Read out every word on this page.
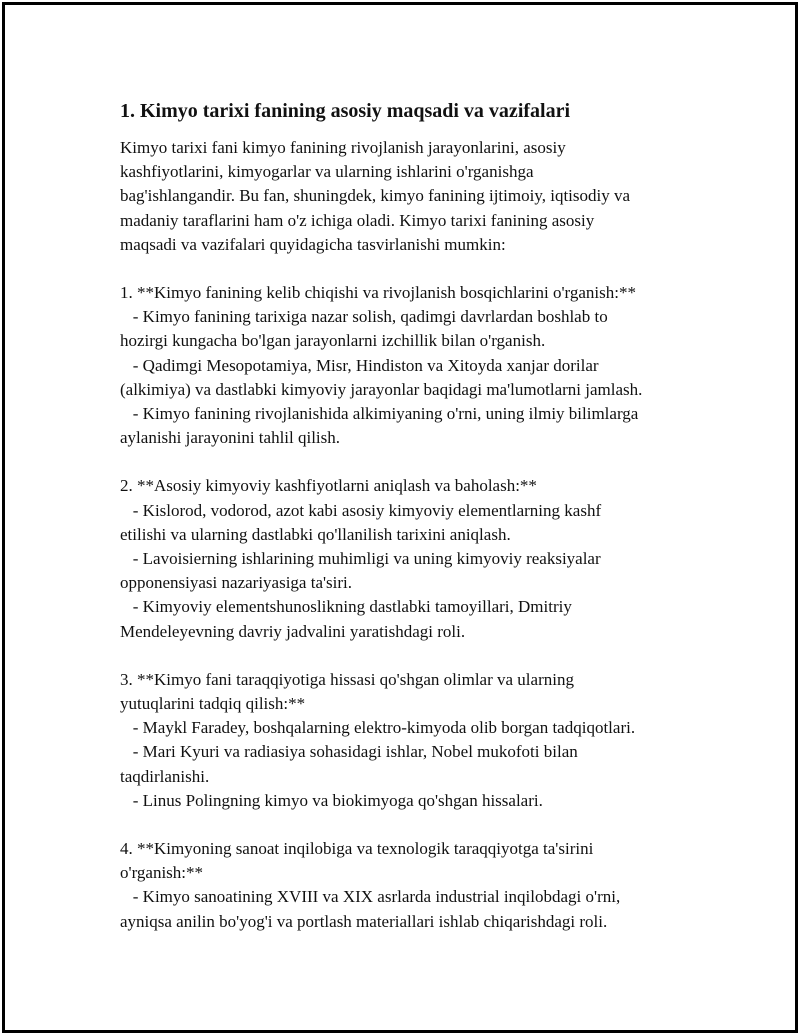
1. Kimyo tarixi fanining asosiy maqsadi va vazifalari

Kimyo tarixi fani kimyo fanining rivojlanish jarayonlarini, asosiy
kashfiyotlarini, kimyogarlar va ularning ishlarini o'rganishga
bag'ishlangandir. Bu fan, shuningdek, kimyo fanining ijtimoiy, iqtisodiy va
madaniy taraflarini ham o'z ichiga oladi. Kimyo tarixi fanining asosiy
maqsadi va vazifalari quyidagicha tasvirlanishi mumkin:

1. **Kimyo fanining kelib chiqishi va rivojlanish bosqichlarini o'rganish:**
- Kimyo fanining tarixiga nazar solish, qadimgi davrlardan boshlab to
hozirgi kungacha bo'lgan jarayonlarni izchillik bilan o'rganish.
- Qadimgi Mesopotamiya, Misr, Hindiston va Xitoyda xanjar dorilar
(alkimiya) va dastlabki kimyoviy jarayonlar baqidagi ma'lumotlarni jamlash.
- Kimyo fanining rivojlanishida alkimiyaning o'rni, uning ilmiy bilimlarga
aylanishi jarayonini tahlil qilish.

2. **Asosiy kimyoviy kashfiyotlarni aniqlash va baholash:**
- Kislorod, vodorod, azot kabi asosiy kimyoviy elementlarning kashf
etilishi va ularning dastlabki qo'llanilish tarixini aniqlash.
- Lavoisierning ishlarining muhimligi va uning kimyoviy reaksiyalar
opponensiyasi nazariyasiga ta'siri.
- Kimyoviy elementshunoslikning dastlabki tamoyillari, Dmitriy
Mendeleyevning davriy jadvalini yaratishdagi roli.

3. **Kimyo fani taraqqiyotiga hissasi qo'shgan olimlar va ularning
yutuqlarini tadqiq qilish:**
- Maykl Faradey, boshqalarning elektro-kimyoda olib borgan tadqiqotlari.
- Mari Kyuri va radiasiya sohasidagi ishlar, Nobel mukofoti bilan
taqdirlanishi.
- Linus Polingning kimyo va biokimyoga qo'shgan hissalari.

4. **Kimyoning sanoat inqilobiga va texnologik taraqqiyotga ta'sirini
o'rganish:**
- Kimyo sanoatining XVIII va XIX asrlarda industrial inqilobdagi o'rni,
ayniqsa anilin bo'yog'i va portlash materiallari ishlab chiqarishdagi roli.
